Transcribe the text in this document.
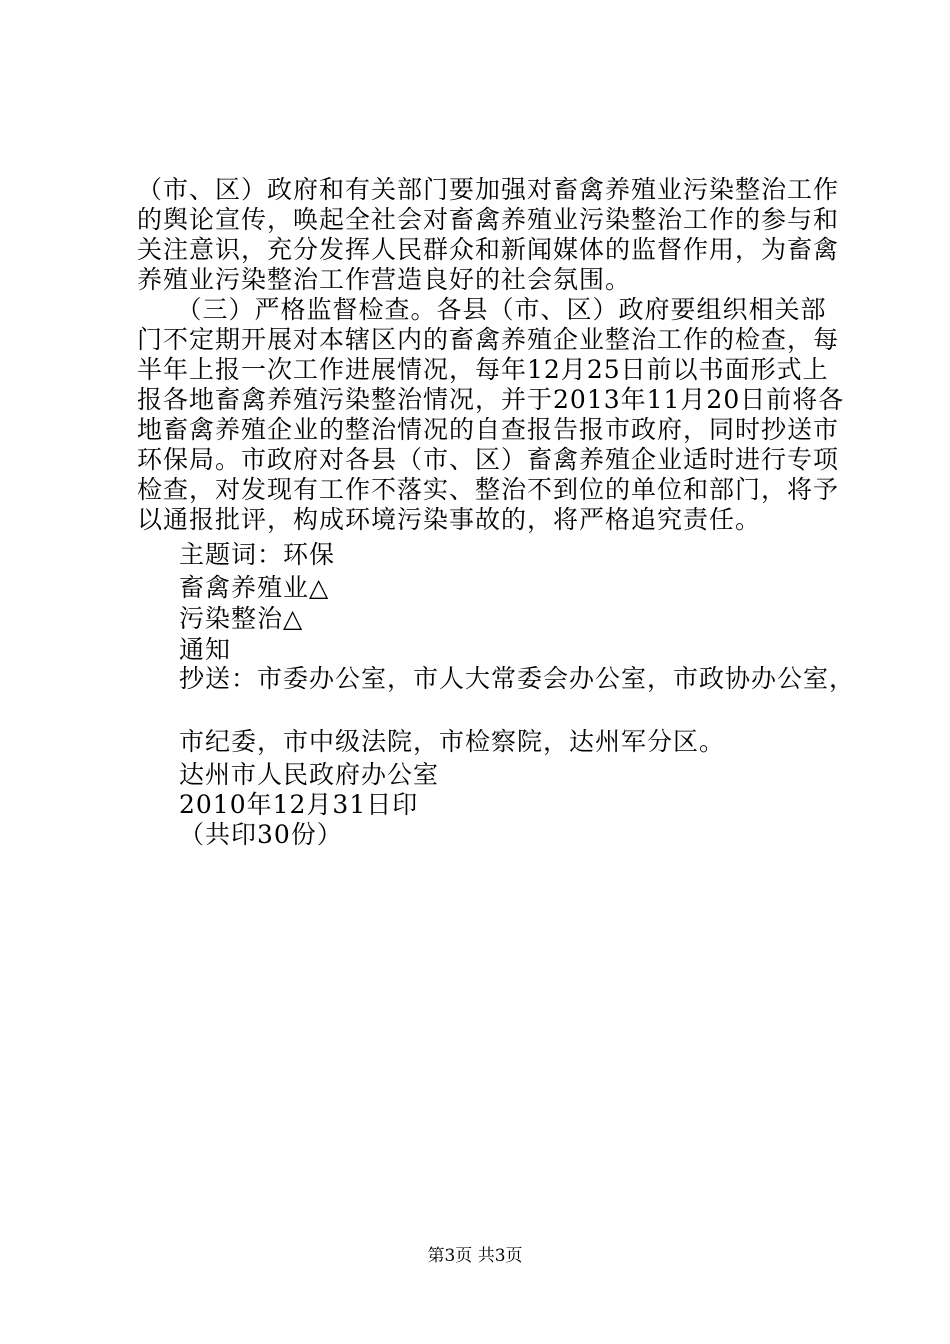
（市、区）政府和有关部门要加强对畜禽养殖业污染整治工作
的舆论宣传，唤起全社会对畜禽养殖业污染整治工作的参与和
关注意识，充分发挥人民群众和新闻媒体的监督作用，为畜禽
养殖业污染整治工作营造良好的社会氛围。
　　（三）严格监督检查。各县（市、区）政府要组织相关部
门不定期开展对本辖区内的畜禽养殖企业整治工作的检查，每
半年上报一次工作进展情况，每年12月25日前以书面形式上
报各地畜禽养殖污染整治情况，并于2013年11月20日前将各
地畜禽养殖企业的整治情况的自查报告报市政府，同时抄送市
环保局。市政府对各县（市、区）畜禽养殖企业适时进行专项
检查，对发现有工作不落实、整治不到位的单位和部门，将予
以通报批评，构成环境污染事故的，将严格追究责任。
主题词：环保
畜禽养殖业△
污染整治△
通知
抄送：市委办公室，市人大常委会办公室，市政协办公室，
市纪委，市中级法院，市检察院，达州军分区。
达州市人民政府办公室
2010年12月31日印
（共印30份）
第3页 共3页
